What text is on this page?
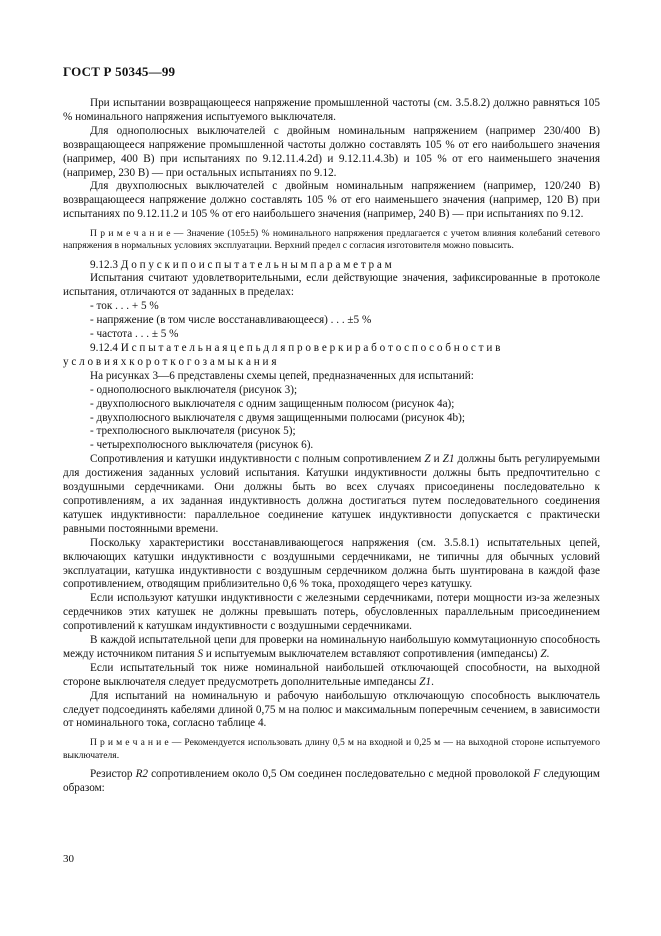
ГОСТ Р 50345—99

При испытании возвращающееся напряжение промышленной частоты (см. 3.5.8.2) должно равняться 105 % номинального напряжения испытуемого выключателя.

Для однополюсных выключателей с двойным номинальным напряжением (например 230/400 В) возвращающееся напряжение промышленной частоты должно составлять 105 % от его наибольшего значения (например, 400 В) при испытаниях по 9.12.11.4.2d) и 9.12.11.4.3b) и 105 % от его наименьшего значения (например, 230 В) — при остальных испытаниях по 9.12.

Для двухполюсных выключателей с двойным номинальным напряжением (например, 120/240 В) возвращающееся напряжение должно составлять 105 % от его наименьшего значения (например, 120 В) при испытаниях по 9.12.11.2 и 105 % от его наибольшего значения (например, 240 В) — при испытаниях по 9.12.

П р и м е ч а н и е — Значение (105±5) % номинального напряжения предлагается с учетом влияния колебаний сетевого напряжения в нормальных условиях эксплуатации. Верхний предел с согласия изготовителя можно повысить.

9.12.3 Д о п у с к и п о и с п ы т а т е л ь н ы м п а р а м е т р а м

Испытания считают удовлетворительными, если действующие значения, зафиксированные в протоколе испытания, отличаются от заданных в пределах:

- ток . . . + 5 %
- напряжение (в том числе восстанавливающееся) . . . ±5 %
- частота . . . ± 5 %

9.12.4 И с п ы т а т е л ь н а я ц е п ь д л я п р о в е р к и р а б о т о с п о с о б н о с т и в

у с л о в и я х к о р о т к о г о з а м ы к а н и я

На рисунках 3—6 представлены схемы цепей, предназначенных для испытаний:

- однополюсного выключателя (рисунок 3);
- двухполюсного выключателя с одним защищенным полюсом (рисунок 4а);
- двухполюсного выключателя с двумя защищенными полюсами (рисунок 4b);
- трехполюсного выключателя (рисунок 5);
- четырехполюсного выключателя (рисунок 6).

Сопротивления и катушки индуктивности с полным сопротивлением Z и Z1 должны быть регулируемыми для достижения заданных условий испытания. Катушки индуктивности должны быть предпочтительно с воздушными сердечниками. Они должны быть во всех случаях присоединены последовательно к сопротивлениям, а их заданная индуктивность должна достигаться путем последовательного соединения катушек индуктивности: параллельное соединение катушек индуктивности допускается с практически равными постоянными времени.

Поскольку характеристики восстанавливающегося напряжения (см. 3.5.8.1) испытательных цепей, включающих катушки индуктивности с воздушными сердечниками, не типичны для обычных условий эксплуатации, катушка индуктивности с воздушным сердечником должна быть шунтирована в каждой фазе сопротивлением, отводящим приблизительно 0,6 % тока, проходящего через катушку.

Если используют катушки индуктивности с железными сердечниками, потери мощности из-за железных сердечников этих катушек не должны превышать потерь, обусловленных параллельным присоединением сопротивлений к катушкам индуктивности с воздушными сердечниками.

В каждой испытательной цепи для проверки на номинальную наибольшую коммутационную способность между источником питания S и испытуемым выключателем вставляют сопротивления (импедансы) Z.

Если испытательный ток ниже номинальной наибольшей отключающей способности, на выходной стороне выключателя следует предусмотреть дополнительные импедансы Z1.

Для испытаний на номинальную и рабочую наибольшую отключающую способность выключатель следует подсоединять кабелями длиной 0,75 м на полюс и максимальным поперечным сечением, в зависимости от номинального тока, согласно таблице 4.

П р и м е ч а н и е — Рекомендуется использовать длину 0,5 м на входной и 0,25 м — на выходной стороне испытуемого выключателя.

Резистор R2 сопротивлением около 0,5 Ом соединен последовательно с медной проволокой F следующим образом:

30
